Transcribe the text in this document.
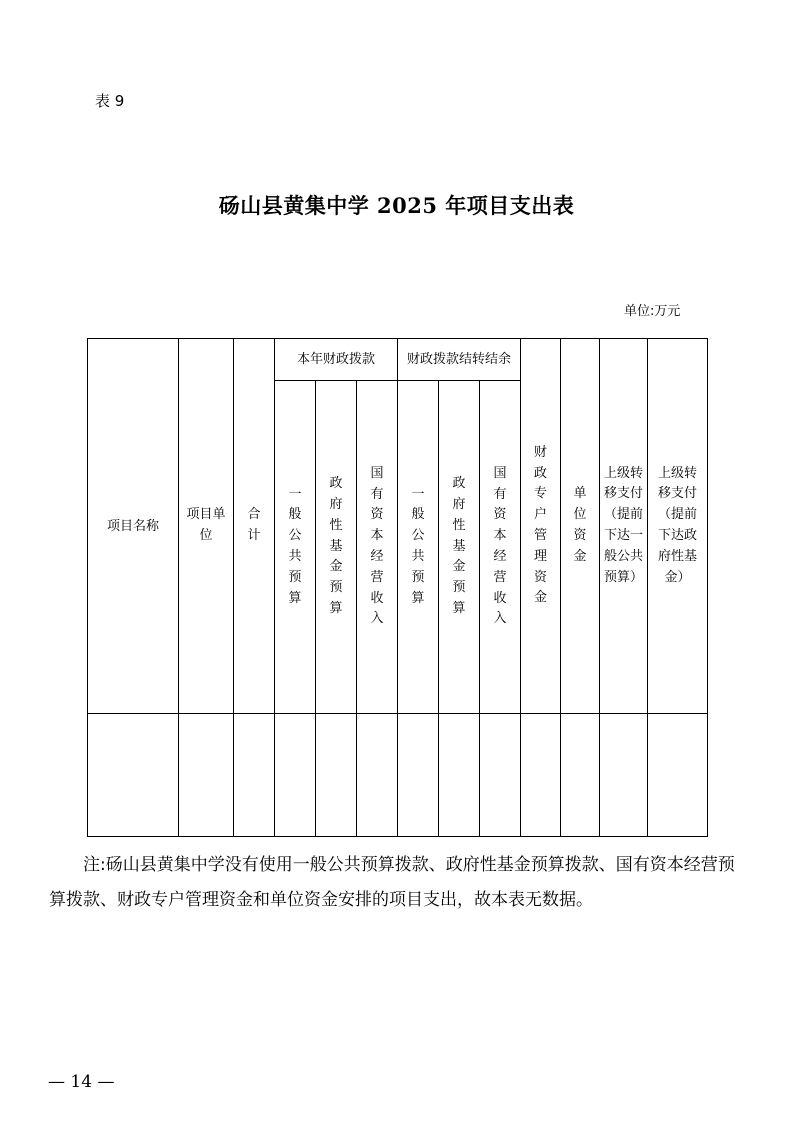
表 9
砀山县黄集中学 2025 年项目支出表
单位:万元
项目名称	项目单位	合计	本年财政拨款			财政拨款结转结余			财政专户管理资金	单位资金	上级转移支付（提前下达一般公共预算）	上级转移支付（提前下达政府性基金）
			一般公共预算	政府性基金预算	国有资本经营收入	一般公共预算	政府性基金预算	国有资本经营收入				

注:砀山县黄集中学没有使用一般公共预算拨款、政府性基金预算拨款、国有资本经营预算拨款、财政专户管理资金和单位资金安排的项目支出，故本表无数据。
— 14 —
